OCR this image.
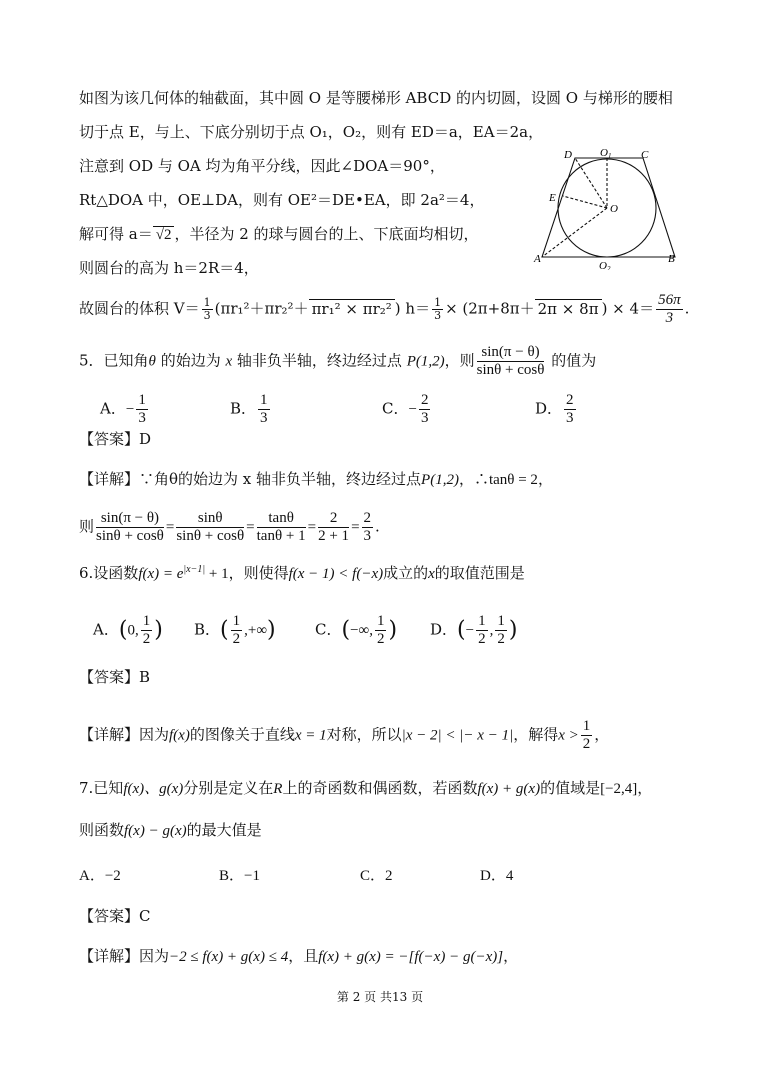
如图为该几何体的轴截面，其中圆 O 是等腰梯形 ABCD 的内切圆，设圆 O 与梯形的腰相
切于点 E，与上、下底分别切于点 O₁，O₂，则有 ED＝a，EA＝2a，
注意到 OD 与 OA 均为角平分线，因此∠DOA＝90°，
Rt△DOA 中，OE⊥DA，则有 OE²＝DE•EA，即 2a²＝4，
解可得 a＝ √2 ，半径为 2 的球与圆台的上、下底面均相切，
则圆台的高为 h＝2R＝4，
故圆台的体积 $V= \frac{1}{3} (\pi r_1^2+\pi r_2^2+ \pi r_1^2 \times \pi r_2^2$ ) $h= \frac{1}{3} \times (2\pi+8\pi+ 2\pi \times 8\pi$ ) × $4= \frac{56\pi}{3}$ .
D	O1	C
E
O
A
O2
B
5．已知角θ 的始边为 x 轴非负半轴，终边经过点 P(1,2)，则 $\frac{\sin(\pi - \theta)}{\sin\theta + \cos\theta}$ 的值为
A．− $\frac{1}{3}$	B． $\frac{1}{3}$	C．− $\frac{2}{3}$	D． $\frac{2}{3}$
【答案】D
【详解】∵角θ的始边为 x 轴非负半轴，终边经过点P(1,2)，∴tanθ = 2，
则 $\frac{\sin(\pi - \theta)}{\sin\theta + \cos\theta} = \frac{\sin\theta}{\sin\theta + \cos\theta} = \frac{\tan\theta}{\tan\theta + 1} = \frac{2}{2 + 1} = \frac{2}{3}$ .
6.设函数$f(x) = e^{|x-1|} + 1$，则使得f(x − 1) < f(−x)成立的x的取值范围是
A．(0, $\frac{1}{2}$ ) B．( $\frac{1}{2}$ ,+∞)	C．(−∞, $\frac{1}{2}$ ) D．(− $\frac{1}{2}$ , $\frac{1}{2}$ )
【答案】B
【详解】因为f(x)的图像关于直线x = 1对称，所以|x − 2| < |− x − 1|，解得$x > \frac{1}{2}$ ，
7.已知f(x)、g(x)分别是定义在R上的奇函数和偶函数，若函数f(x) + g(x)的值域是[−2,4]，
则函数f(x) − g(x)的最大值是
A．−2	B．−1	C．2	D．4
【答案】C
【详解】因为−2 ≤ f(x) + g(x) ≤ 4，且f(x) + g(x) = −[f(−x) − g(−x)]，
第 2 页 共13 页
